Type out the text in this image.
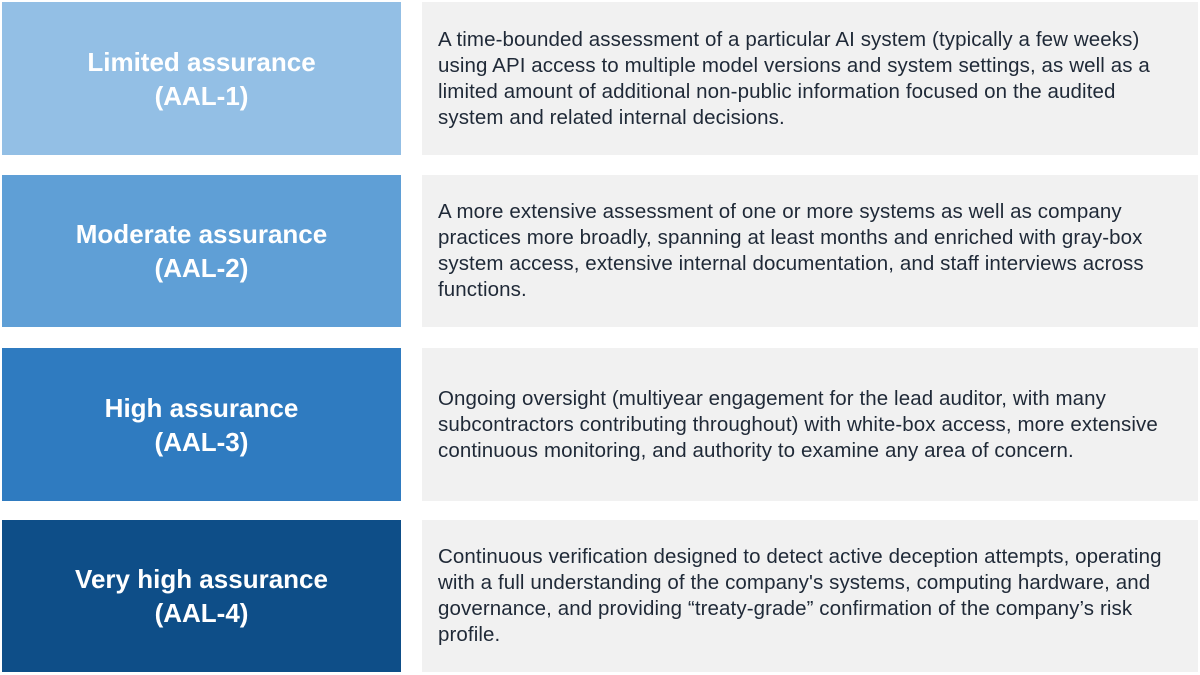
Limited assurance
(AAL-1)
A time-bounded assessment of a particular AI system (typically a few weeks) using API access to multiple model versions and system settings, as well as a limited amount of additional non-public information focused on the audited system and related internal decisions.
Moderate assurance
(AAL-2)
A more extensive assessment of one or more systems as well as company practices more broadly, spanning at least months and enriched with gray-box system access, extensive internal documentation, and staff interviews across functions.
High assurance
(AAL-3)
Ongoing oversight (multiyear engagement for the lead auditor, with many subcontractors contributing throughout) with white-box access, more extensive continuous monitoring, and authority to examine any area of concern.
Very high assurance
(AAL-4)
Continuous verification designed to detect active deception attempts, operating with a full understanding of the company's systems, computing hardware, and governance, and providing “treaty-grade” confirmation of the company’s risk profile.
